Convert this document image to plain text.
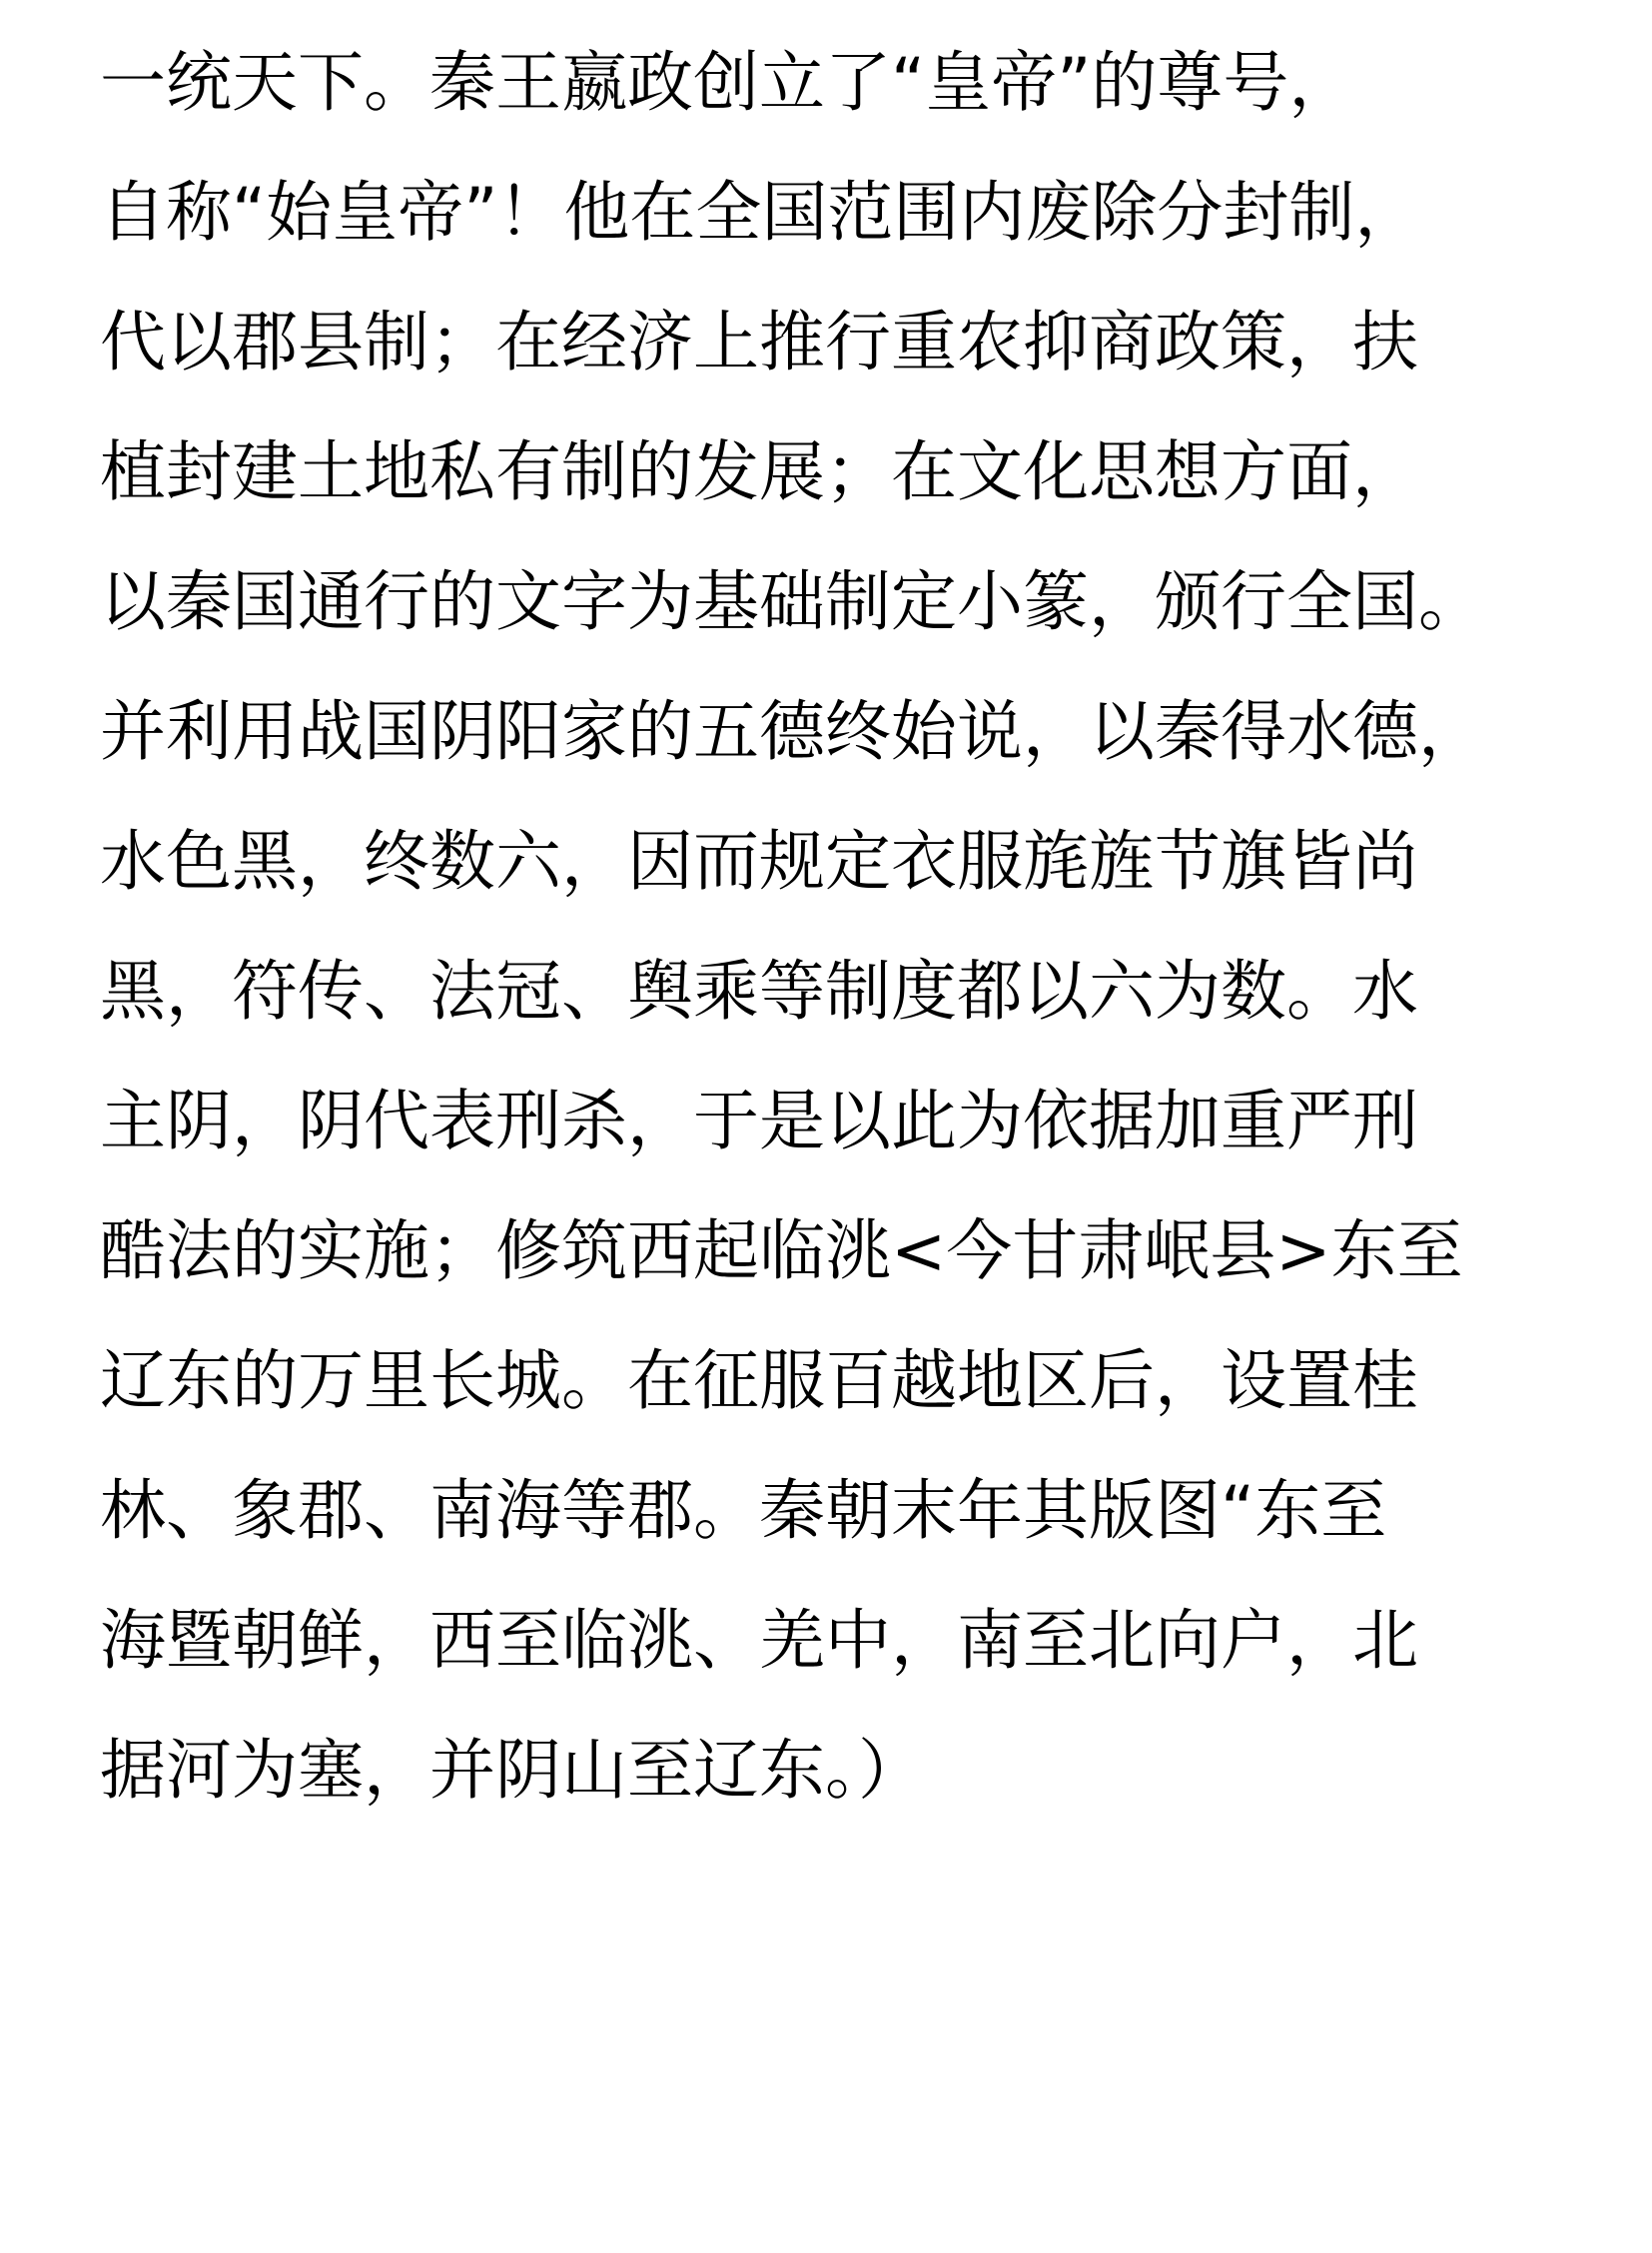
一统天下。秦王嬴政创立了“皇帝”的尊号，
自称“始皇帝”！他在全国范围内废除分封制，
代以郡县制；在经济上推行重农抑商政策，扶
植封建土地私有制的发展；在文化思想方面，
以秦国通行的文字为基础制定小篆，颁行全国。
并利用战国阴阳家的五德终始说，以秦得水德，
水色黑，终数六，因而规定衣服旄旌节旗皆尚
黑，符传、法冠、舆乘等制度都以六为数。水
主阴，阴代表刑杀，于是以此为依据加重严刑
酷法的实施；修筑西起临洮<今甘肃岷县>东至
辽东的万里长城。在征服百越地区后，设置桂
林、象郡、南海等郡。秦朝末年其版图“东至
海暨朝鲜，西至临洮、羌中，南至北向户，北
据河为塞，并阴山至辽东。）
